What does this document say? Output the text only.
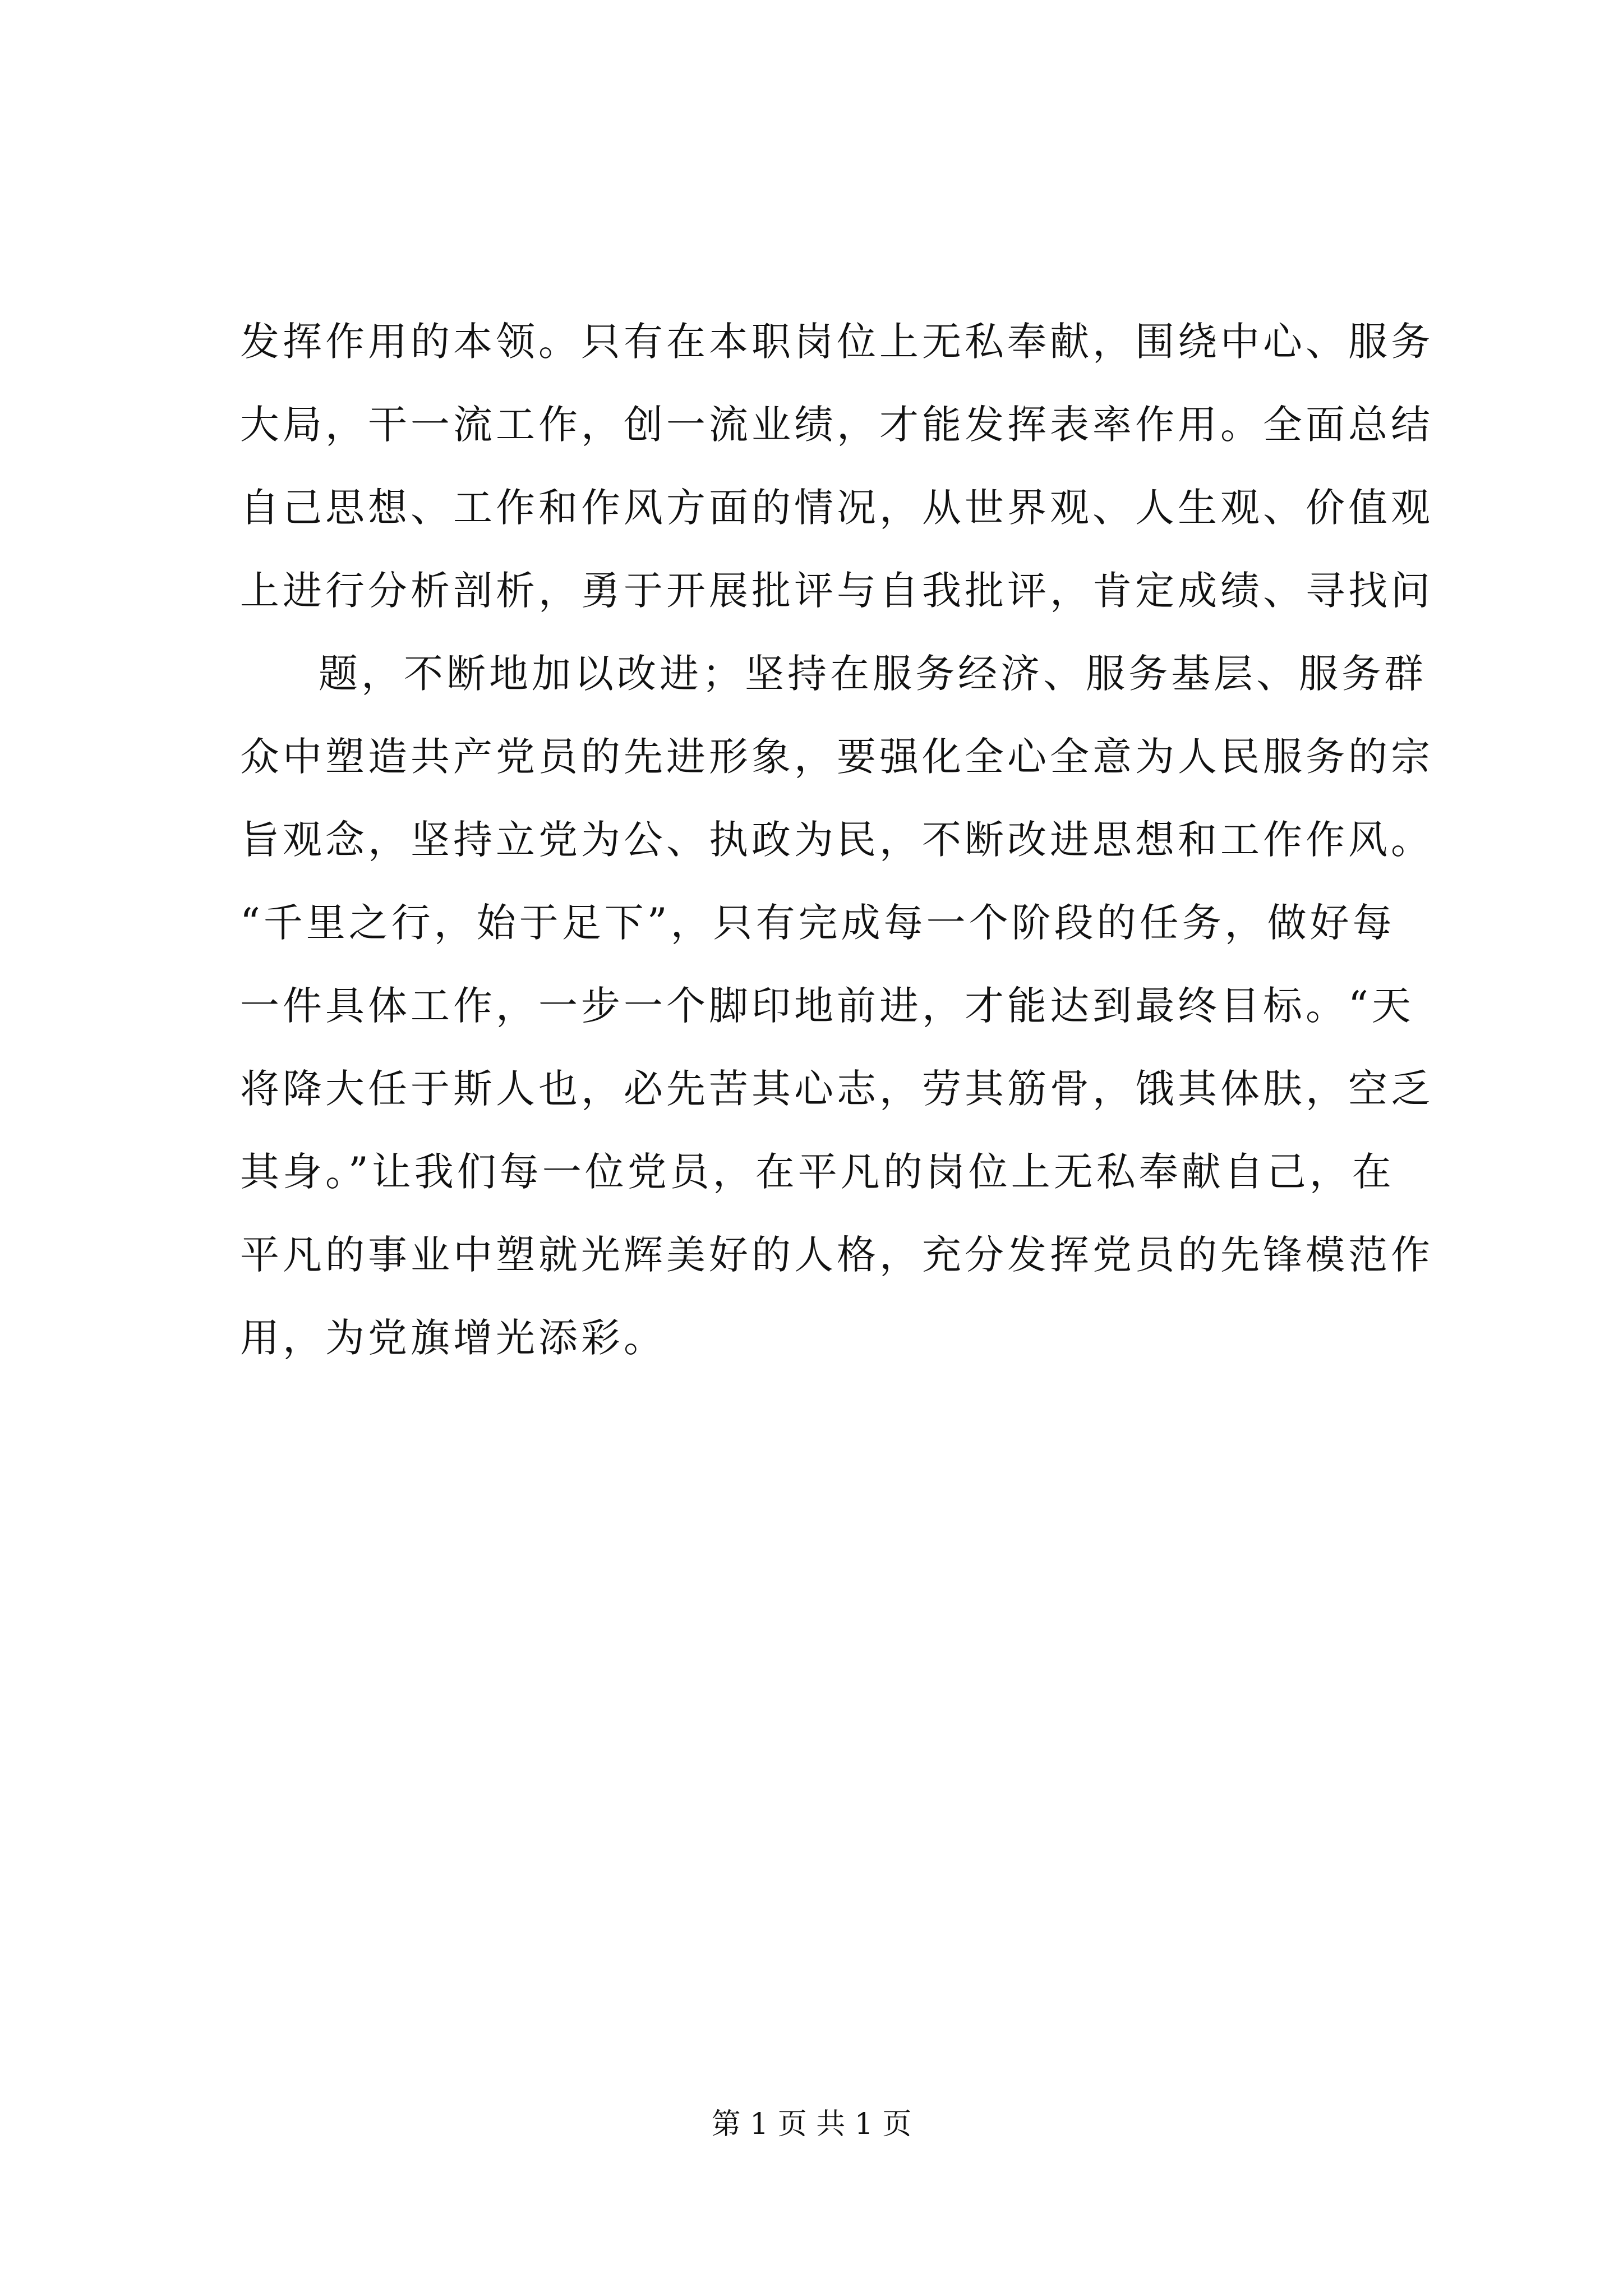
发挥作用的本领。只有在本职岗位上无私奉献，围绕中心、服务
大局，干一流工作，创一流业绩，才能发挥表率作用。全面总结
自己思想、工作和作风方面的情况，从世界观、人生观、价值观
上进行分析剖析，勇于开展批评与自我批评，肯定成绩、寻找问
题，不断地加以改进；坚持在服务经济、服务基层、服务群
众中塑造共产党员的先进形象，要强化全心全意为人民服务的宗
旨观念，坚持立党为公、执政为民，不断改进思想和工作作风。
“千里之行，始于足下”，只有完成每一个阶段的任务，做好每
一件具体工作，一步一个脚印地前进，才能达到最终目标。“天
将降大任于斯人也，必先苦其心志，劳其筋骨，饿其体肤，空乏
其身。”让我们每一位党员，在平凡的岗位上无私奉献自己，在
平凡的事业中塑就光辉美好的人格，充分发挥党员的先锋模范作
用，为党旗增光添彩。
第 1 页 共 1 页
